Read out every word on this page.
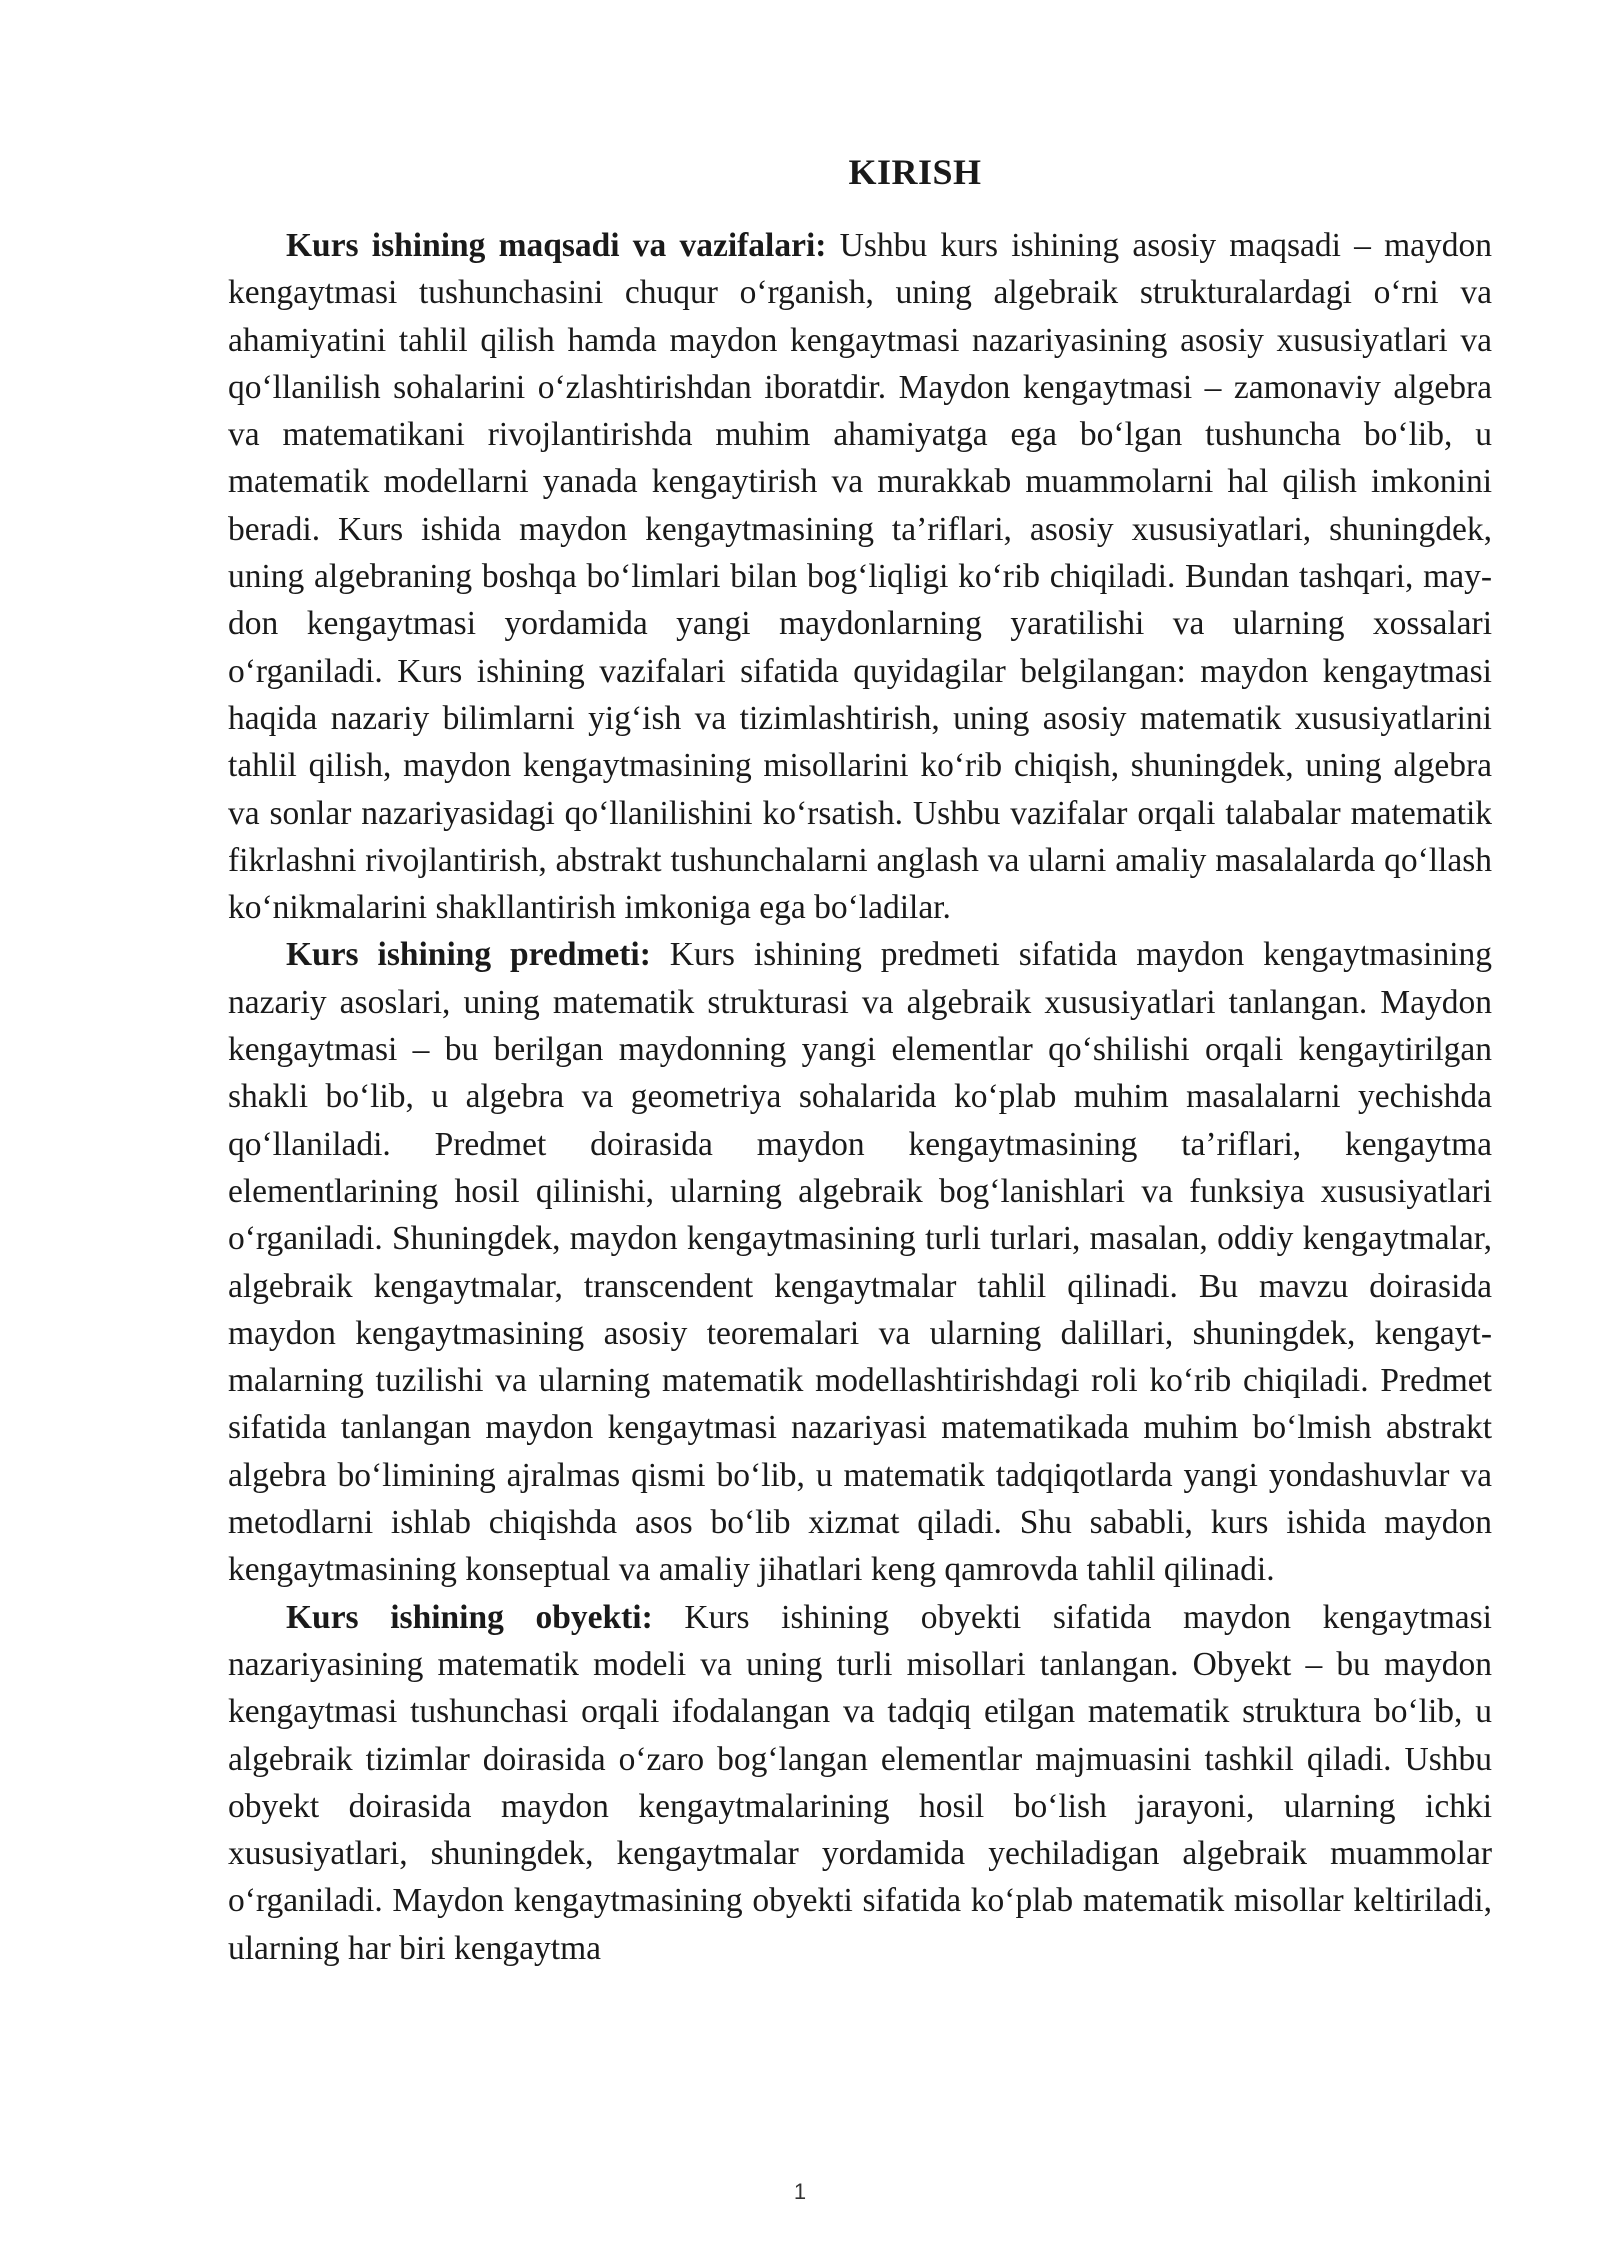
KIRISH

Kurs ishining maqsadi va vazifalari: Ushbu kurs ishining asosiy maqsadi – maydon kengaytmasi tushunchasini chuqur o‘rganish, uning algebraik strukturalardagi o‘rni va ahamiyatini tahlil qilish hamda maydon kengaytmasi nazariyasining asosiy xususiyatlari va qo‘llanilish sohalarini o‘zlashtirishdan iboratdir. Maydon kengaytmasi – zamonaviy algebra va matematikani rivojlantirishda muhim ahamiyatga ega bo‘lgan tushuncha bo‘lib, u matematik modellarni yanada kengaytirish va murakkab muammolarni hal qilish imkonini beradi. Kurs ishida maydon kengaytmasining ta’riflari, asosiy xususiyatlari, shuningdek, uning algebraning boshqa bo‘limlari bilan bog‘liqligi ko‘rib chiqiladi. Bundan tashqari, maydon kengaytmasi yordamida yangi maydonlarning yaratilishi va ularning xossalari o‘rganiladi. Kurs ishining vazifalari sifatida quyidagilar belgilangan: maydon kengaytmasi haqida nazariy bilimlarni yig‘ish va tizimlashtirish, uning asosiy matematik xususiyatlarini tahlil qilish, maydon kengaytmasining misollarini ko‘rib chiqish, shuningdek, uning algebra va sonlar nazariyasidagi qo‘llanilishini ko‘rsatish. Ushbu vazifalar orqali talabalar matematik fikrlashni rivojlantirish, abstrakt tushunchalarni anglash va ularni amaliy masalalarda qo‘llash ko‘nikmalarini shakllantirish imkoniga ega bo‘ladilar.

Kurs ishining predmeti: Kurs ishining predmeti sifatida maydon kengaytmasining nazariy asoslari, uning matematik strukturasi va algebraik xususiyatlari tanlangan. Maydon kengaytmasi – bu berilgan maydonning yangi elementlar qo‘shilishi orqali kengaytirilgan shakli bo‘lib, u algebra va geometriya sohalarida ko‘plab muhim masalalarni yechishda qo‘llaniladi. Predmet doirasida maydon kengaytmasining ta’riflari, kengaytma elementlarining hosil qilinishi, ularning algebraik bog‘lanishlari va funksiya xususiyatlari o‘rganiladi. Shuningdek, maydon kengaytmasining turli turlari, masalan, oddiy kengaytmalar, algebraik kengaytmalar, transcendent kengaytmalar tahlil qilinadi. Bu mavzu doirasida maydon kengaytmasining asosiy teoremalari va ularning dalillari, shuningdek, kengaytmalarning tuzilishi va ularning matematik modellashtirishdagi roli ko‘rib chiqiladi. Predmet sifatida tanlangan maydon kengaytmasi nazariyasi matematikada muhim bo‘lmish abstrakt algebra bo‘limining ajralmas qismi bo‘lib, u matematik tadqiqotlarda yangi yondashuvlar va metodlarni ishlab chiqishda asos bo‘lib xizmat qiladi. Shu sababli, kurs ishida maydon kengaytmasining konseptual va amaliy jihatlari keng qamrovda tahlil qilinadi.

Kurs ishining obyekti: Kurs ishining obyekti sifatida maydon kengaytmasi nazariyasining matematik modeli va uning turli misollari tanlangan. Obyekt – bu maydon kengaytmasi tushunchasi orqali ifodalangan va tadqiq etilgan matematik struktura bo‘lib, u algebraik tizimlar doirasida o‘zaro bog‘langan elementlar majmuasini tashkil qiladi. Ushbu obyekt doirasida maydon kengaytmalarining hosil bo‘lish jarayoni, ularning ichki xususiyatlari, shuningdek, kengaytmalar yordamida yechiladigan algebraik muammolar o‘rganiladi. Maydon kengaytmasining obyekti sifatida ko‘plab matematik misollar keltiriladi, ularning har biri kengaytma

1
